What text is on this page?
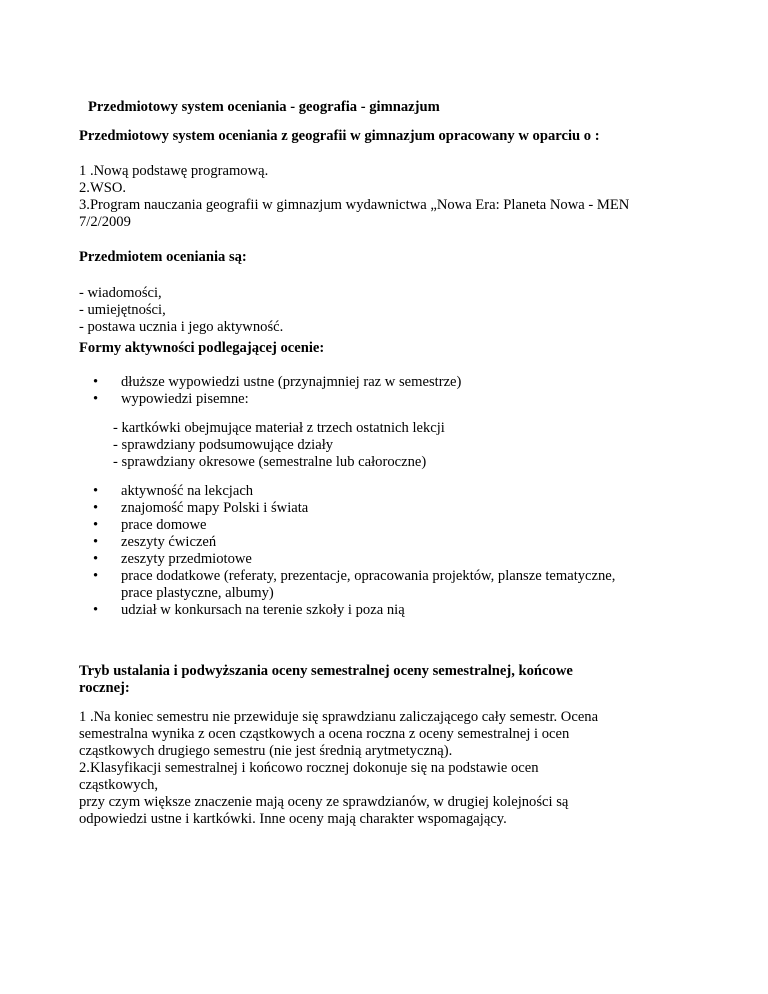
Przedmiotowy system oceniania - geografia - gimnazjum
Przedmiotowy system oceniania z geografii w gimnazjum opracowany w oparciu o :
1 .Nową podstawę programową.
2.WSO.
3.Program nauczania geografii w gimnazjum wydawnictwa „Nowa Era: Planeta Nowa - MEN 7/2/2009
Przedmiotem oceniania są:
- wiadomości,
- umiejętności,
- postawa ucznia i jego aktywność.
Formy aktywności podlegającej ocenie:
• dłuższe wypowiedzi ustne (przynajmniej raz w semestrze)
• wypowiedzi pisemne:
- kartkówki obejmujące materiał z trzech ostatnich lekcji
- sprawdziany podsumowujące działy
- sprawdziany okresowe (semestralne lub całoroczne)
• aktywność na lekcjach
• znajomość mapy Polski i świata
• prace domowe
• zeszyty ćwiczeń
• zeszyty przedmiotowe
• prace dodatkowe (referaty, prezentacje, opracowania projektów, plansze tematyczne,
prace plastyczne, albumy)
• udział w konkursach na terenie szkoły i poza nią
Tryb ustalania i podwyższania oceny semestralnej oceny semestralnej, końcowe
rocznej:
1 .Na koniec semestru nie przewiduje się sprawdzianu zaliczającego cały semestr. Ocena
semestralna wynika z ocen cząstkowych a ocena roczna z oceny semestralnej i ocen
cząstkowych drugiego semestru (nie jest średnią arytmetyczną).
2.Klasyfikacji semestralnej i końcowo rocznej dokonuje się na podstawie ocen
cząstkowych,
przy czym większe znaczenie mają oceny ze sprawdzianów, w drugiej kolejności są
odpowiedzi ustne i kartkówki. Inne oceny mają charakter wspomagający.
